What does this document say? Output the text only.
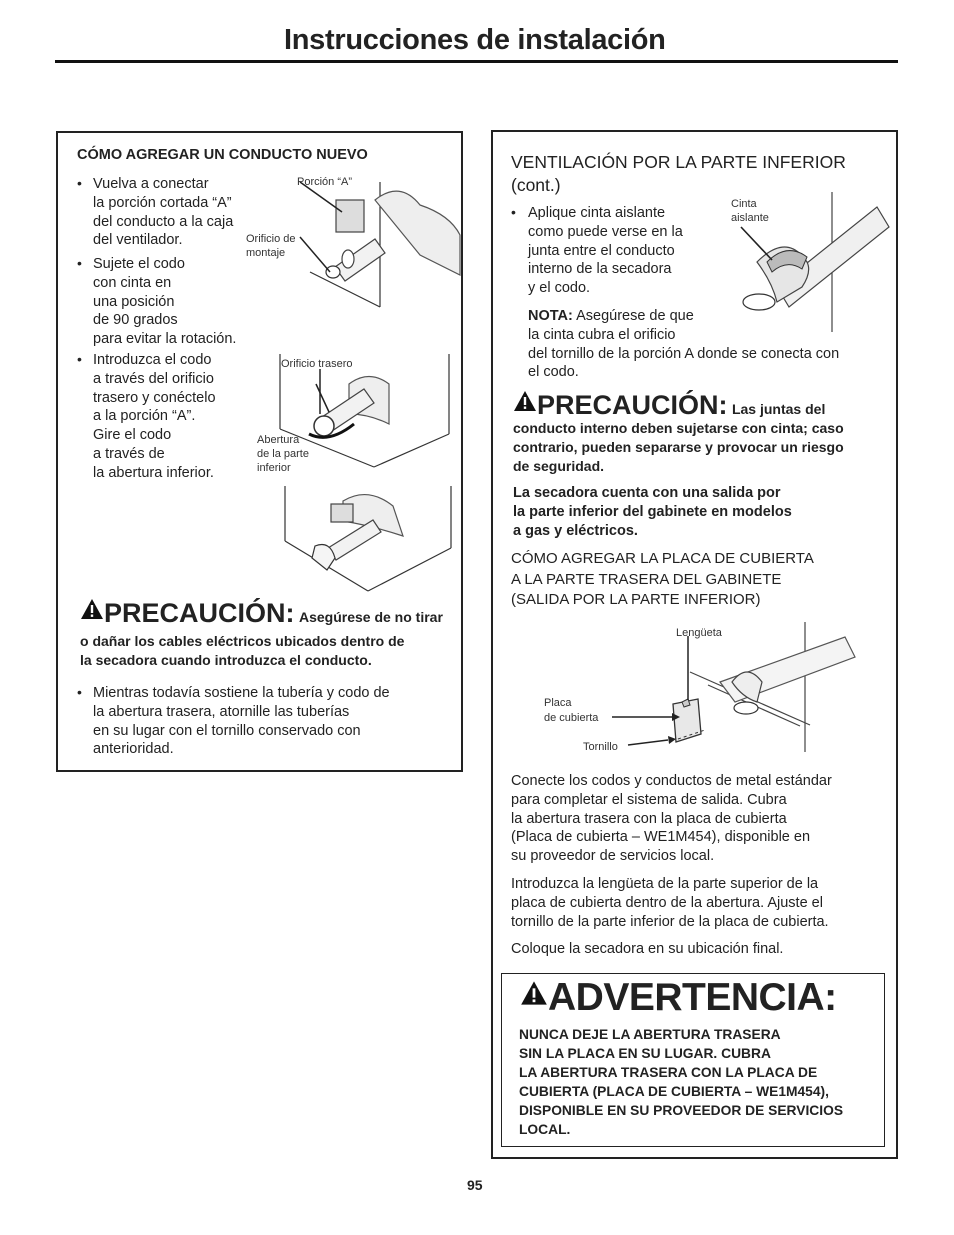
Instrucciones de instalación
CÓMO AGREGAR UN CONDUCTO NUEVO
• Vuelva a conectar
la porción cortada “A”
del conducto a la caja
del ventilador.
• Sujete el codo
con cinta en
una posición
de 90 grados
para evitar la rotación.
• Introduzca el codo
a través del orificio
trasero y conéctelo
a la porción “A”.
Gire el codo
a través de
la abertura inferior.
Porción “A”
Orificio de
montaje
Orificio trasero
Abertura
de la parte
inferior
PRECAUCIÓN: Asegúrese de no tirar
o dañar los cables eléctricos ubicados dentro de
la secadora cuando introduzca el conducto.
• Mientras todavía sostiene la tubería y codo de
la abertura trasera, atornille las tuberías
en su lugar con el tornillo conservado con
anterioridad.
VENTILACIÓN POR LA PARTE INFERIOR
(cont.)
• Aplique cinta aislante
como puede verse en la
junta entre el conducto
interno de la secadora
y el codo.
NOTA: Asegúrese de que
la cinta cubra el orificio
del tornillo de la porción A donde se conecta con
el codo.
Cinta
aislante
PRECAUCIÓN: Las juntas del
conducto interno deben sujetarse con cinta; caso
contrario, pueden separarse y provocar un riesgo
de seguridad.
La secadora cuenta con una salida por
la parte inferior del gabinete en modelos
a gas y eléctricos.
CÓMO AGREGAR LA PLACA DE CUBIERTA
A LA PARTE TRASERA DEL GABINETE
(SALIDA POR LA PARTE INFERIOR)
Lengüeta
Placa
de cubierta
Tornillo
Conecte los codos y conductos de metal estándar
para completar el sistema de salida. Cubra
la abertura trasera con la placa de cubierta
(Placa de cubierta – WE1M454), disponible en
su proveedor de servicios local.
Introduzca la lengüeta de la parte superior de la
placa de cubierta dentro de la abertura. Ajuste el
tornillo de la parte inferior de la placa de cubierta.
Coloque la secadora en su ubicación final.
ADVERTENCIA:
NUNCA DEJE LA ABERTURA TRASERA
SIN LA PLACA EN SU LUGAR. CUBRA
LA ABERTURA TRASERA CON LA PLACA DE
CUBIERTA (PLACA DE CUBIERTA – WE1M454),
DISPONIBLE EN SU PROVEEDOR DE SERVICIOS
LOCAL.
95
